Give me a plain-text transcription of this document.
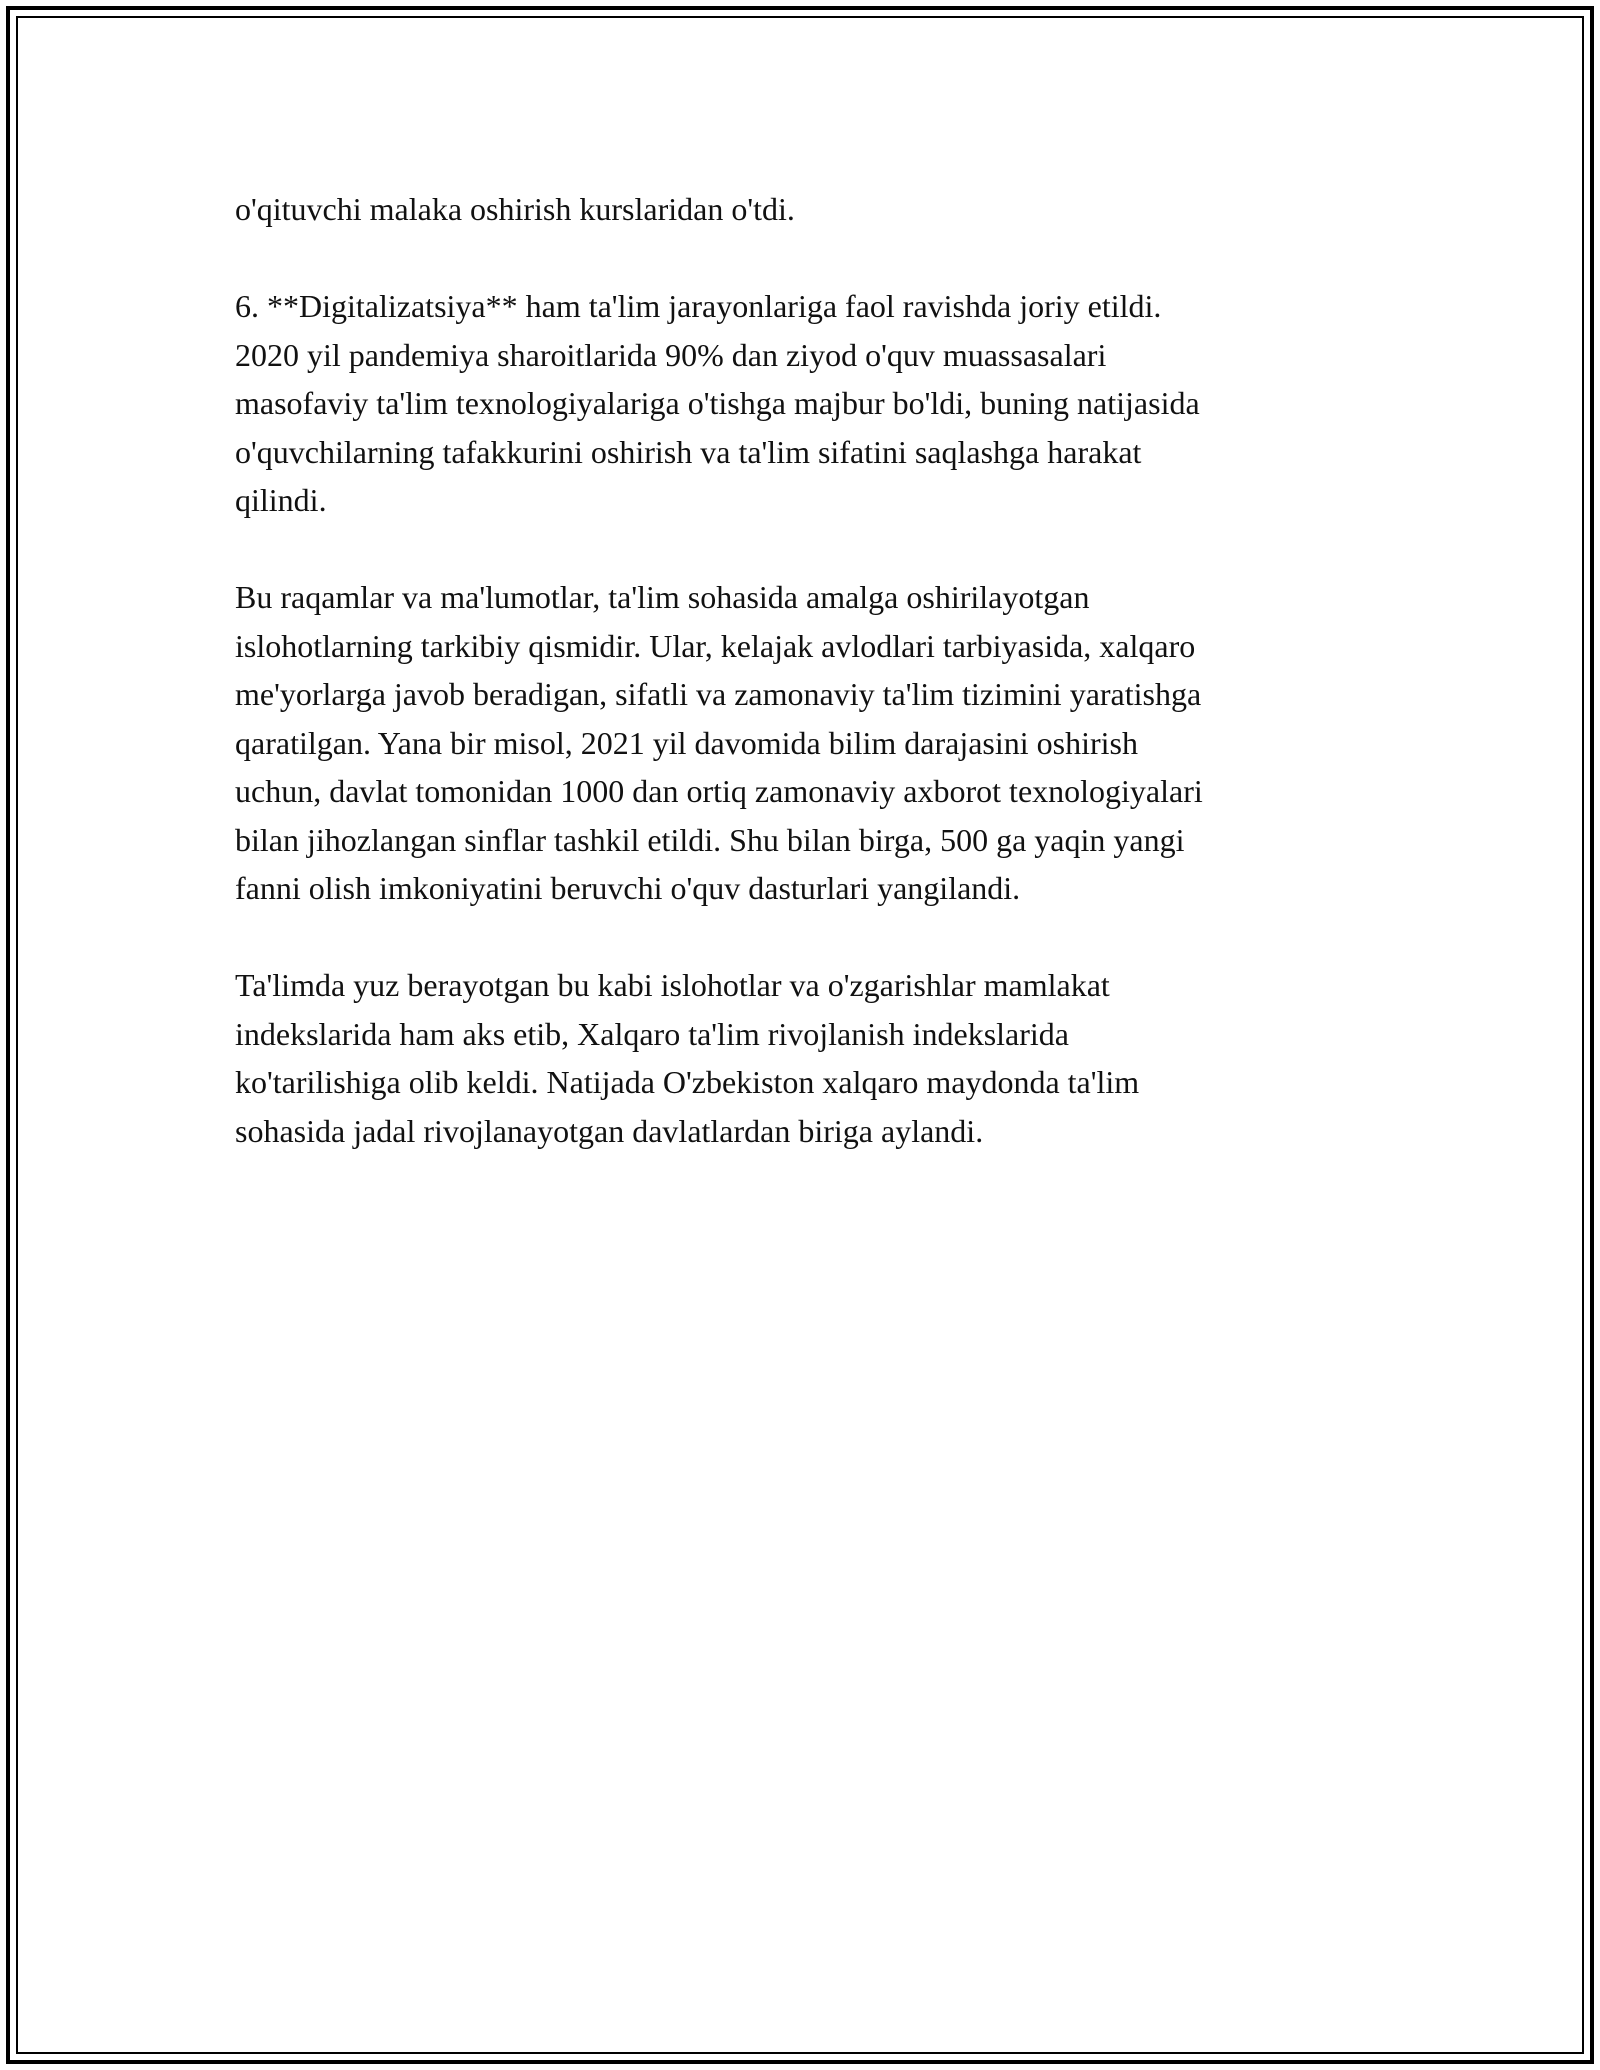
o'qituvchi malaka oshirish kurslaridan o'tdi.

6. **Digitalizatsiya** ham ta'lim jarayonlariga faol ravishda joriy etildi.
2020 yil pandemiya sharoitlarida 90% dan ziyod o'quv muassasalari
masofaviy ta'lim texnologiyalariga o'tishga majbur bo'ldi, buning natijasida
o'quvchilarning tafakkurini oshirish va ta'lim sifatini saqlashga harakat
qilindi.

Bu raqamlar va ma'lumotlar, ta'lim sohasida amalga oshirilayotgan
islohotlarning tarkibiy qismidir. Ular, kelajak avlodlari tarbiyasida, xalqaro
me'yorlarga javob beradigan, sifatli va zamonaviy ta'lim tizimini yaratishga
qaratilgan. Yana bir misol, 2021 yil davomida bilim darajasini oshirish
uchun, davlat tomonidan 1000 dan ortiq zamonaviy axborot texnologiyalari
bilan jihozlangan sinflar tashkil etildi. Shu bilan birga, 500 ga yaqin yangi
fanni olish imkoniyatini beruvchi o'quv dasturlari yangilandi.

Ta'limda yuz berayotgan bu kabi islohotlar va o'zgarishlar mamlakat
indekslarida ham aks etib, Xalqaro ta'lim rivojlanish indekslarida
ko'tarilishiga olib keldi. Natijada O'zbekiston xalqaro maydonda ta'lim
sohasida jadal rivojlanayotgan davlatlardan biriga aylandi.
